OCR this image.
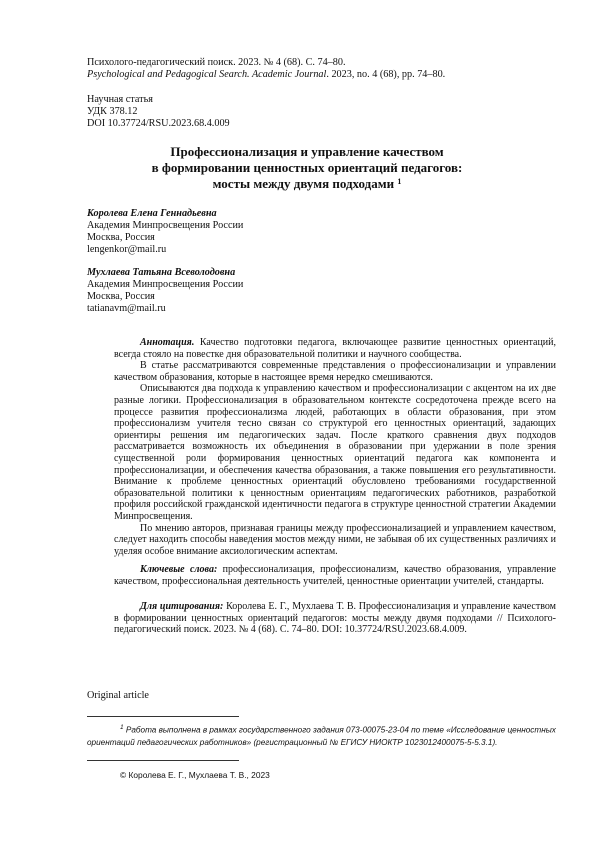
Психолого-педагогический поиск. 2023. № 4 (68). С. 74–80.
Psychological and Pedagogical Search. Academic Journal. 2023, no. 4 (68), pp. 74–80.
Научная статья
УДК 378.12
DOI 10.37724/RSU.2023.68.4.009
Профессионализация и управление качеством
в формировании ценностных ориентаций педагогов:
мосты между двумя подходами $^1$
Королева Елена Геннадьевна
Академия Минпросвещения России
Москва, Россия
lengenkor@mail.ru
Мухлаева Татьяна Всеволодовна
Академия Минпросвещения России
Москва, Россия
tatianavm@mail.ru

Аннотация. Качество подготовки педагога, включающее развитие ценностных ориентаций, всегда стояло на повестке дня образовательной политики и научного сообщества.

В статье рассматриваются современные представления о профессионализации и управлении качеством образования, которые в настоящее время нередко смешиваются.

Описываются два подхода к управлению качеством и профессионализации с акцентом на их две разные логики. Профессионализация в образовательном контексте сосредоточена прежде всего на процессе развития профессионализма людей, работающих в области образования, при этом профессионализм учителя тесно связан со структурой его ценностных ориентаций, задающих ориентиры решения им педагогических задач. После краткого сравнения двух подходов рассматривается возможность их объединения в образовании при удержании в поле зрения существенной роли формирования ценностных ориентаций педагога как компонента и профессионализации, и обеспечения качества образования, а также повышения его результативности. Внимание к проблеме ценностных ориентаций обусловлено требованиями государственной образовательной политики к ценностным ориентациям педагогических работников, разработкой профиля российской гражданской идентичности педагога в структуре ценностной стратегии Академии Минпросвещения.

По мнению авторов, признавая границы между профессионализацией и управлением качеством, следует находить способы наведения мостов между ними, не забывая об их существенных различиях и уделяя особое внимание аксиологическим аспектам.

Ключевые слова: профессионализация, профессионализм, качество образования, управление качеством, профессиональная деятельность учителей, ценностные ориентации учителей, стандарты.

Для цитирования: Королева Е. Г., Мухлаева Т. В. Профессионализация и управление качеством в формировании ценностных ориентаций педагогов: мосты между двумя подходами // Психолого-педагогический поиск. 2023. № 4 (68). С. 74–80. DOI: 10.37724/RSU.2023.68.4.009.

Original article
$^1$ Работа выполнена в рамках государственного задания 073-00075-23-04 по теме «Исследование ценностных ориентаций педагогических работников» (регистрационный № ЕГИСУ НИОКТР 1023012400075-5-5.3.1).
© Королева Е. Г., Мухлаева Т. В., 2023
